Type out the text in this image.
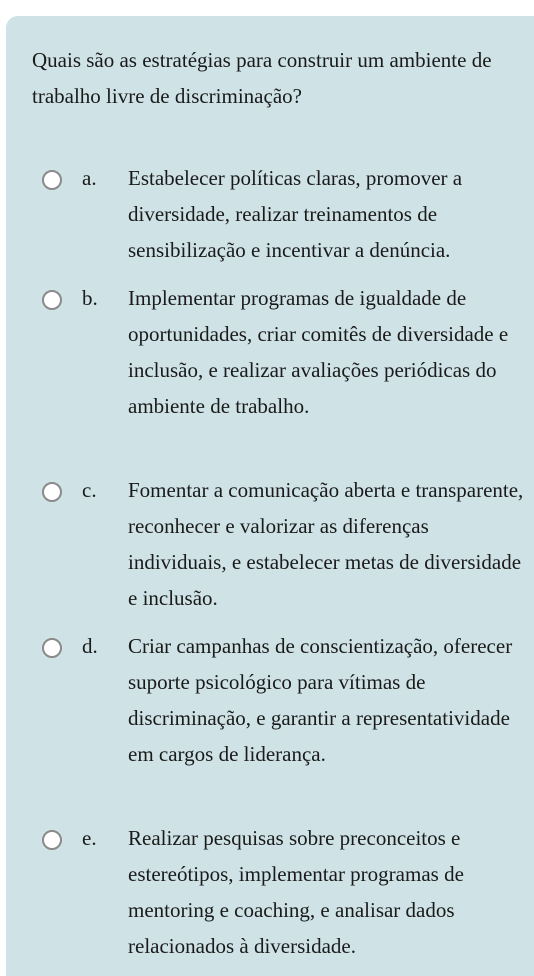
Quais são as estratégias para construir um ambiente de trabalho livre de discriminação?
a. Estabelecer políticas claras, promover a diversidade, realizar treinamentos de sensibilização e incentivar a denúncia.
b. Implementar programas de igualdade de oportunidades, criar comitês de diversidade e inclusão, e realizar avaliações periódicas do ambiente de trabalho.
c. Fomentar a comunicação aberta e transparente, reconhecer e valorizar as diferenças individuais, e estabelecer metas de diversidade e inclusão.
d. Criar campanhas de conscientização, oferecer suporte psicológico para vítimas de discriminação, e garantir a representatividade em cargos de liderança.
e. Realizar pesquisas sobre preconceitos e estereótipos, implementar programas de mentoring e coaching, e analisar dados relacionados à diversidade.
